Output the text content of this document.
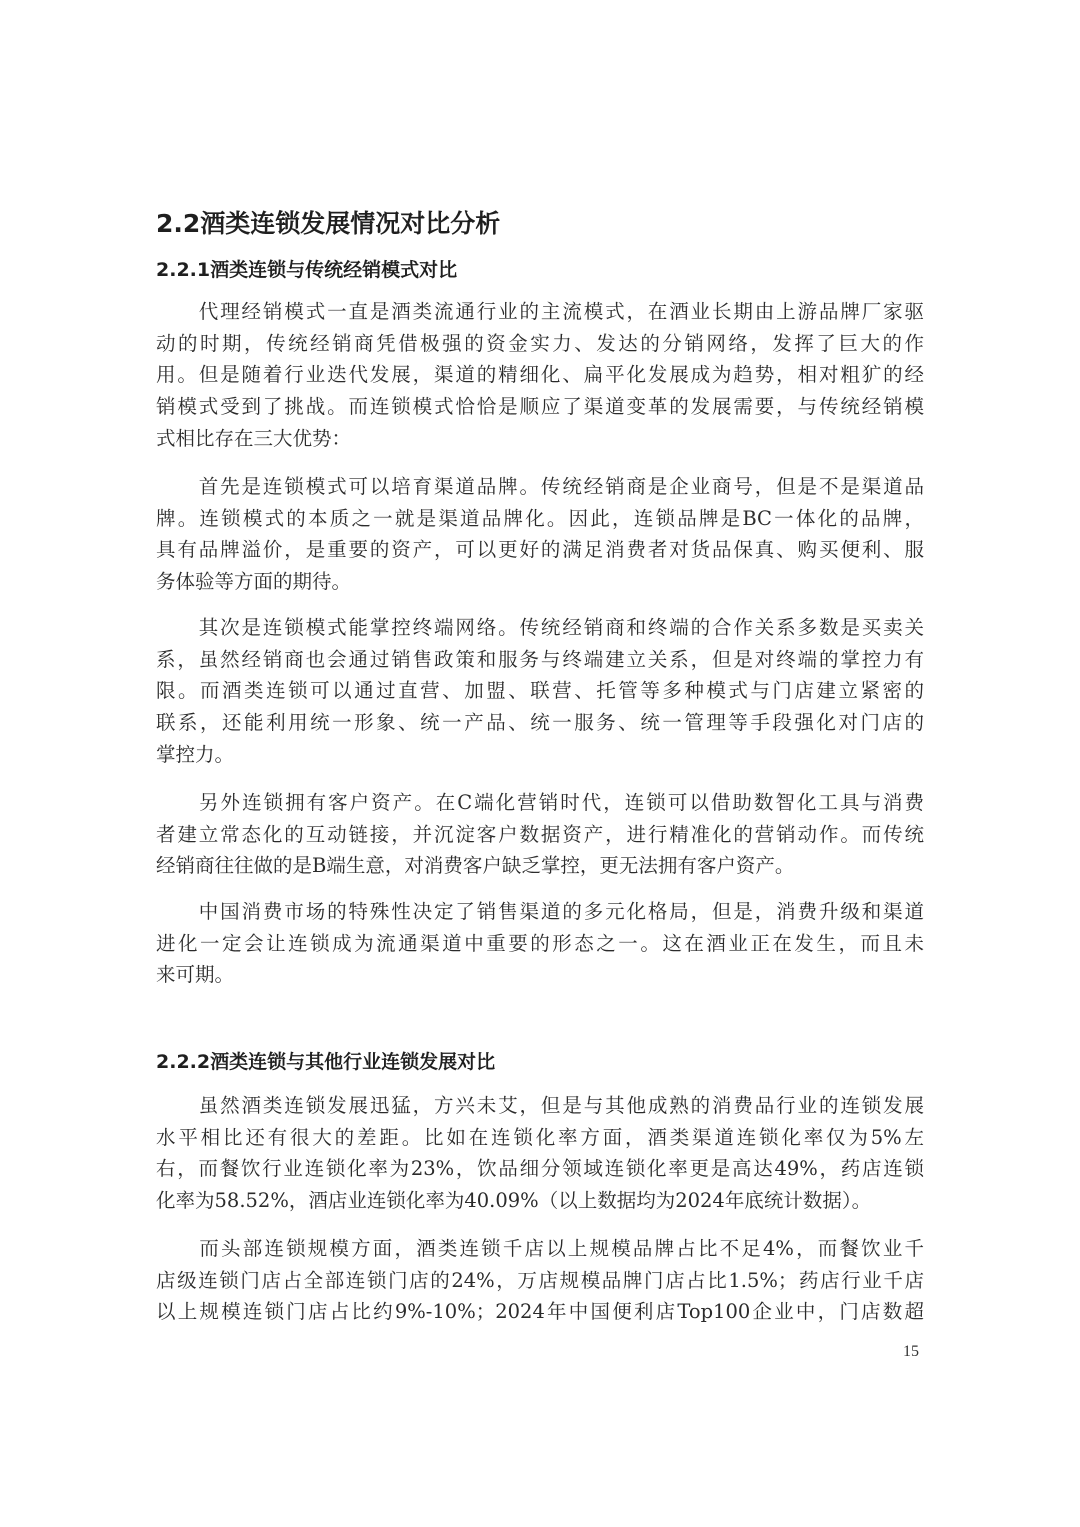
2.2酒类连锁发展情况对比分析
2.2.1酒类连锁与传统经销模式对比
　　代理经销模式一直是酒类流通行业的主流模式，在酒业长期由上游品牌厂家驱
动的时期，传统经销商凭借极强的资金实力、发达的分销网络，发挥了巨大的作
用。但是随着行业迭代发展，渠道的精细化、扁平化发展成为趋势，相对粗犷的经
销模式受到了挑战。而连锁模式恰恰是顺应了渠道变革的发展需要，与传统经销模
式相比存在三大优势：
　　首先是连锁模式可以培育渠道品牌。传统经销商是企业商号，但是不是渠道品
牌。连锁模式的本质之一就是渠道品牌化。因此，连锁品牌是BC一体化的品牌，
具有品牌溢价，是重要的资产，可以更好的满足消费者对货品保真、购买便利、服
务体验等方面的期待。
　　其次是连锁模式能掌控终端网络。传统经销商和终端的合作关系多数是买卖关
系，虽然经销商也会通过销售政策和服务与终端建立关系，但是对终端的掌控力有
限。而酒类连锁可以通过直营、加盟、联营、托管等多种模式与门店建立紧密的
联系，还能利用统一形象、统一产品、统一服务、统一管理等手段强化对门店的
掌控力。
　　另外连锁拥有客户资产。在C端化营销时代，连锁可以借助数智化工具与消费
者建立常态化的互动链接，并沉淀客户数据资产，进行精准化的营销动作。而传统
经销商往往做的是B端生意，对消费客户缺乏掌控，更无法拥有客户资产。
　　中国消费市场的特殊性决定了销售渠道的多元化格局，但是，消费升级和渠道
进化一定会让连锁成为流通渠道中重要的形态之一。这在酒业正在发生，而且未
来可期。
2.2.2酒类连锁与其他行业连锁发展对比
　　虽然酒类连锁发展迅猛，方兴未艾，但是与其他成熟的消费品行业的连锁发展
水平相比还有很大的差距。比如在连锁化率方面，酒类渠道连锁化率仅为5%左
右，而餐饮行业连锁化率为23%，饮品细分领域连锁化率更是高达49%，药店连锁
化率为58.52%，酒店业连锁化率为40.09%（以上数据均为2024年底统计数据）。
　　而头部连锁规模方面，酒类连锁千店以上规模品牌占比不足4%，而餐饮业千
店级连锁门店占全部连锁门店的24%，万店规模品牌门店占比1.5%；药店行业千店
以上规模连锁门店占比约9%-10%；2024年中国便利店Top100企业中，门店数超
15
